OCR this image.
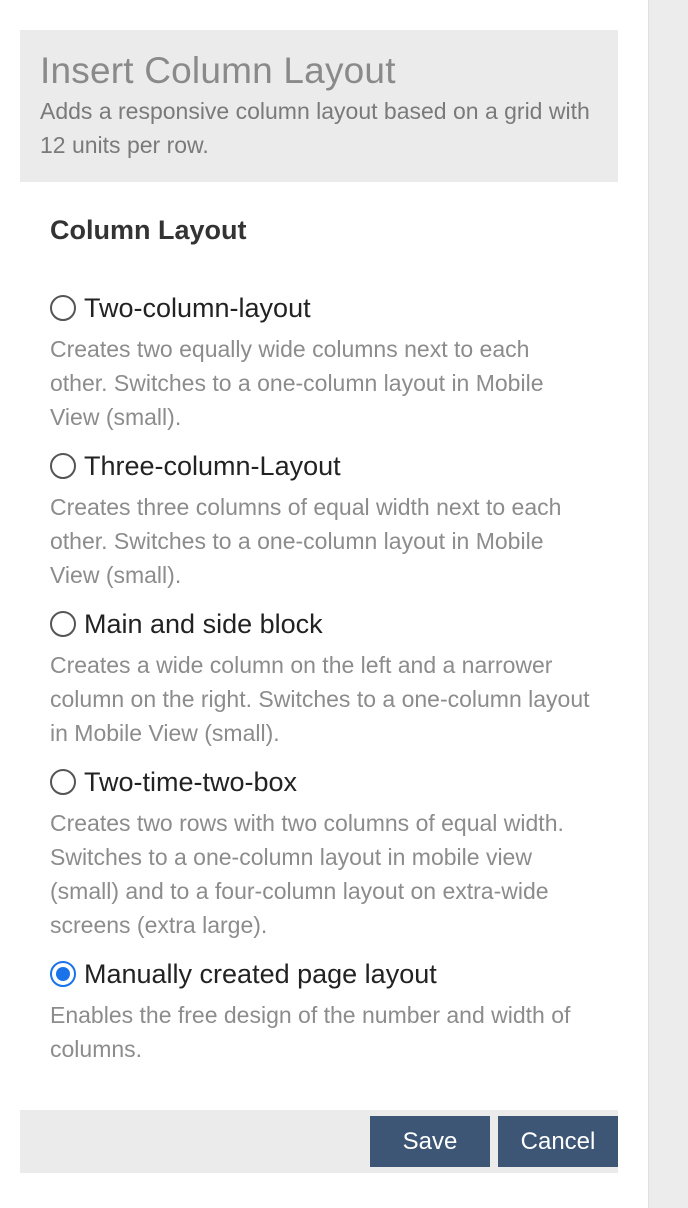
Insert Column Layout
Adds a responsive column layout based on a grid with 12 units per row.
Column Layout
Two-column-layout
Creates two equally wide columns next to each other. Switches to a one-column layout in Mobile View (small).
Three-column-Layout
Creates three columns of equal width next to each other. Switches to a one-column layout in Mobile View (small).
Main and side block
Creates a wide column on the left and a narrower column on the right. Switches to a one-column layout in Mobile View (small).
Two-time-two-box
Creates two rows with two columns of equal width. Switches to a one-column layout in mobile view (small) and to a four-column layout on extra-wide screens (extra large).
Manually created page layout
Enables the free design of the number and width of columns.
Save	Cancel
